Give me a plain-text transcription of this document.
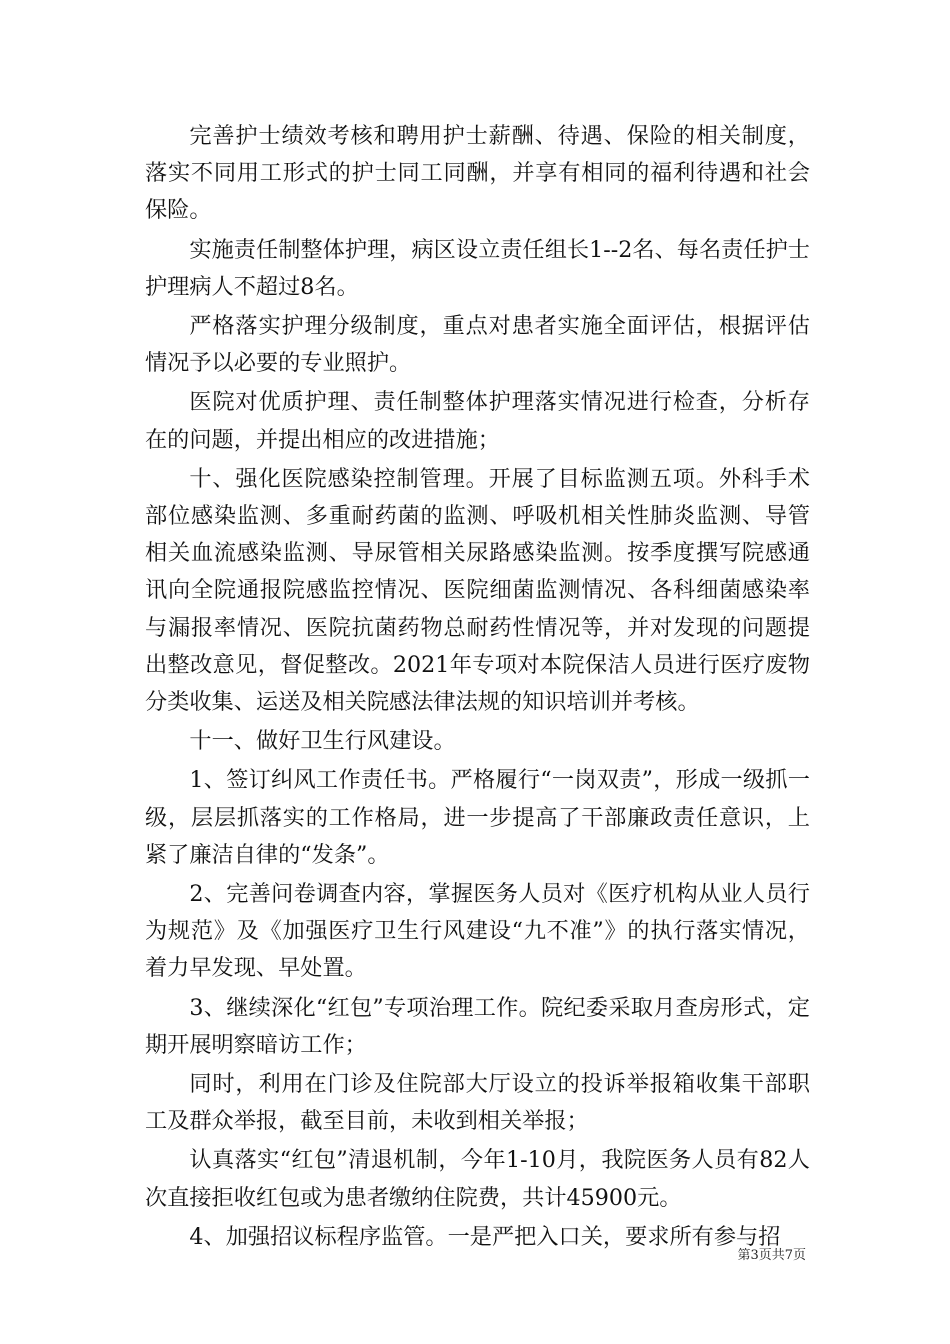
完善护士绩效考核和聘用护士薪酬、待遇、保险的相关制度，落实不同用工形式的护士同工同酬，并享有相同的福利待遇和社会保险。

实施责任制整体护理，病区设立责任组长1--2名、每名责任护士护理病人不超过8名。

严格落实护理分级制度，重点对患者实施全面评估，根据评估情况予以必要的专业照护。

医院对优质护理、责任制整体护理落实情况进行检查，分析存在的问题，并提出相应的改进措施；

十、强化医院感染控制管理。开展了目标监测五项。外科手术部位感染监测、多重耐药菌的监测、呼吸机相关性肺炎监测、导管相关血流感染监测、导尿管相关尿路感染监测。按季度撰写院感通讯向全院通报院感监控情况、医院细菌监测情况、各科细菌感染率与漏报率情况、医院抗菌药物总耐药性情况等，并对发现的问题提出整改意见，督促整改。2021年专项对本院保洁人员进行医疗废物分类收集、运送及相关院感法律法规的知识培训并考核。

十一、做好卫生行风建设。

1、签订纠风工作责任书。严格履行“一岗双责”，形成一级抓一级，层层抓落实的工作格局，进一步提高了干部廉政责任意识，上紧了廉洁自律的“发条”。

2、完善问卷调查内容，掌握医务人员对《医疗机构从业人员行为规范》及《加强医疗卫生行风建设“九不准”》的执行落实情况，着力早发现、早处置。

3、继续深化“红包”专项治理工作。院纪委采取月查房形式，定期开展明察暗访工作；

同时，利用在门诊及住院部大厅设立的投诉举报箱收集干部职工及群众举报，截至目前，未收到相关举报；

认真落实“红包”清退机制，今年1-10月，我院医务人员有82人次直接拒收红包或为患者缴纳住院费，共计45900元。

4、加强招议标程序监管。一是严把入口关，要求所有参与招

第3页共7页
